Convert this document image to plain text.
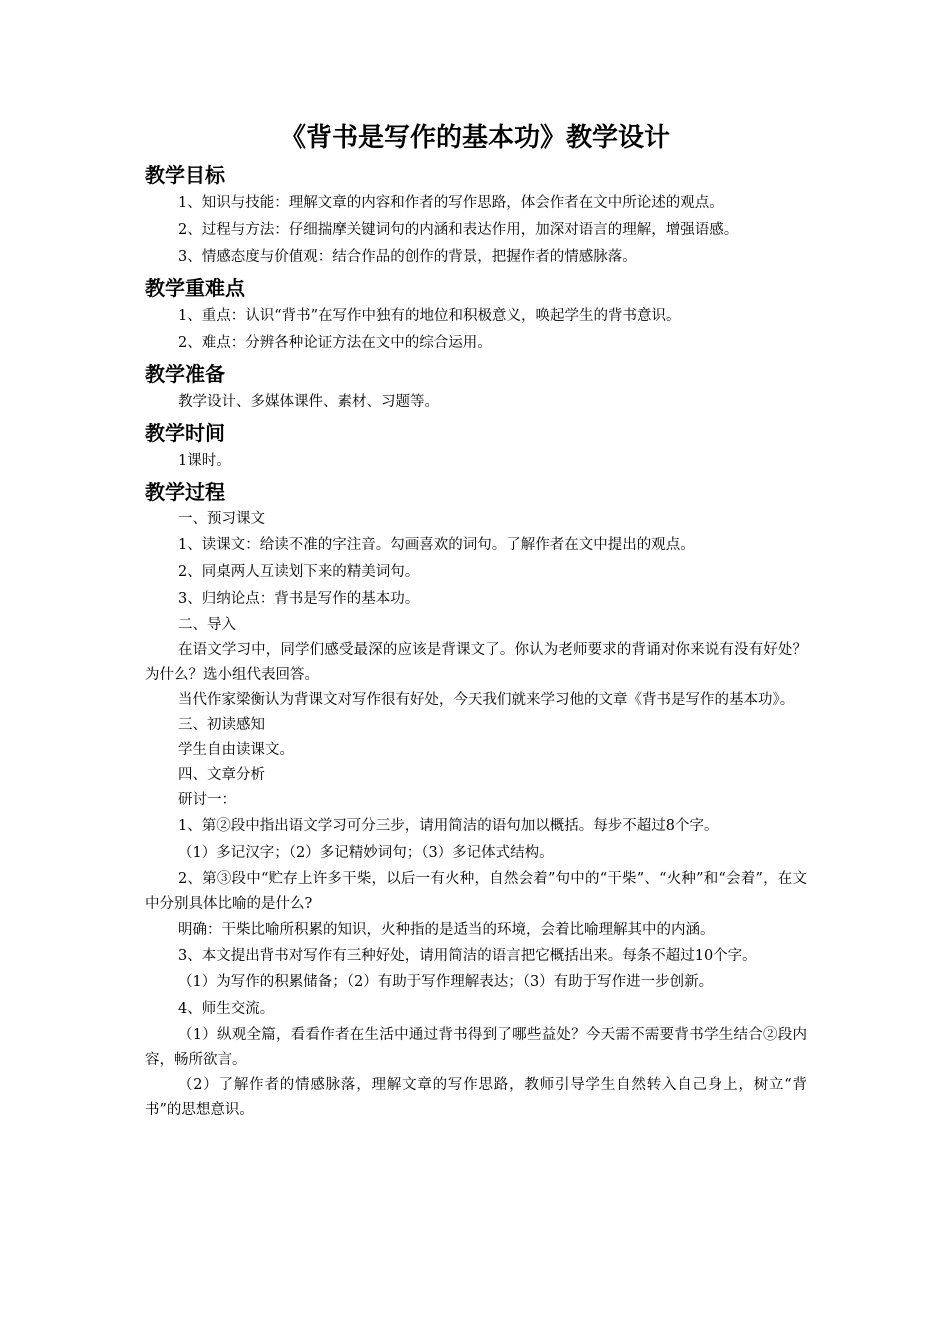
《背书是写作的基本功》教学设计
教学目标

1、知识与技能：理解文章的内容和作者的写作思路，体会作者在文中所论述的观点。

2、过程与方法：仔细揣摩关键词句的内涵和表达作用，加深对语言的理解，增强语感。

3、情感态度与价值观：结合作品的创作的背景，把握作者的情感脉落。

教学重难点

1、重点：认识“背书”在写作中独有的地位和积极意义，唤起学生的背书意识。

2、难点：分辨各种论证方法在文中的综合运用。

教学准备

教学设计、多媒体课件、素材、习题等。

教学时间

1课时。

教学过程

一、预习课文

1、读课文：给读不准的字注音。勾画喜欢的词句。了解作者在文中提出的观点。

2、同桌两人互读划下来的精美词句。

3、归纳论点：背书是写作的基本功。

二、导入

在语文学习中，同学们感受最深的应该是背课文了。你认为老师要求的背诵对你来说有没有好处？为什么？选小组代表回答。

当代作家梁衡认为背课文对写作很有好处，今天我们就来学习他的文章《背书是写作的基本功》。

三、初读感知

学生自由读课文。

四、文章分析

研讨一：

1、第②段中指出语文学习可分三步，请用简洁的语句加以概括。每步不超过8个字。

（1）多记汉字；（2）多记精妙词句；（3）多记体式结构。

2、第③段中“贮存上许多干柴，以后一有火种，自然会着”句中的“干柴”、“火种”和“会着”，在文中分别具体比喻的是什么?

明确：干柴比喻所积累的知识，火种指的是适当的环境，会着比喻理解其中的内涵。

3、本文提出背书对写作有三种好处，请用简洁的语言把它概括出来。每条不超过10个字。

（1）为写作的积累储备；（2）有助于写作理解表达；（3）有助于写作进一步创新。

4、师生交流。

（1）纵观全篇，看看作者在生活中通过背书得到了哪些益处？今天需不需要背书学生结合②段内容，畅所欲言。

（2）了解作者的情感脉落，理解文章的写作思路，教师引导学生自然转入自己身上，树立“背书”的思想意识。
